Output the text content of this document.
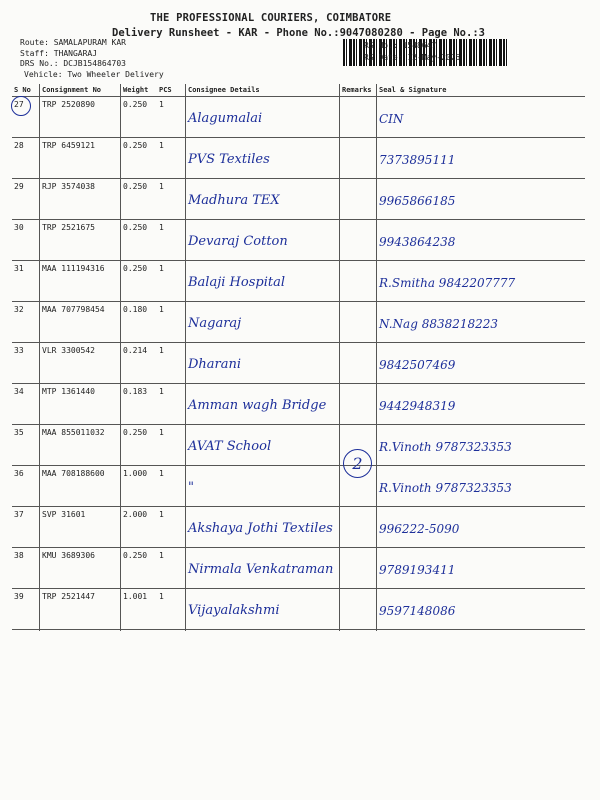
THE PROFESSIONAL COURIERS, COIMBATORE
Delivery Runsheet - KAR - Phone No.:9047080280 - Page No.:3
Route: SAMALAPURAM KAR
Staff: THANGARAJ
DRS No.: DCJB154864703
RS No.: 1548647
RS Date: 12-May-2025
Vehicle: Two Wheeler Delivery
S No	Consignment No	Weight	PCS	Consignee Details	Remarks	Seal & Signature
27	TRP 2520890	0.250	1	Alagumalai		CIN
28	TRP 6459121	0.250	1	PVS Textiles		7373895111
29	RJP 3574038	0.250	1	Madhura TEX		9965866185
30	TRP 2521675	0.250	1	Devaraj Cotton		9943864238
31	MAA 111194316	0.250	1	Balaji Hospital		R.Smitha 9842207777
32	MAA 707798454	0.180	1	Nagaraj		N.Nag 8838218223
33	VLR 3300542	0.214	1	Dharani		9842507469
34	MTP 1361440	0.183	1	Amman wagh Bridge		9442948319
35	MAA 855011032	0.250	1	AVAT School		R.Vinoth 9787323353
36	MAA 708188600	1.000	1	"		R.Vinoth 9787323353
37	SVP 31601	2.000	1	Akshaya Jothi Textiles		996222-5090
38	KMU 3689306	0.250	1	Nirmala Venkatraman		9789193411
39	TRP 2521447	1.001	1	Vijayalakshmi		9597148086
2
